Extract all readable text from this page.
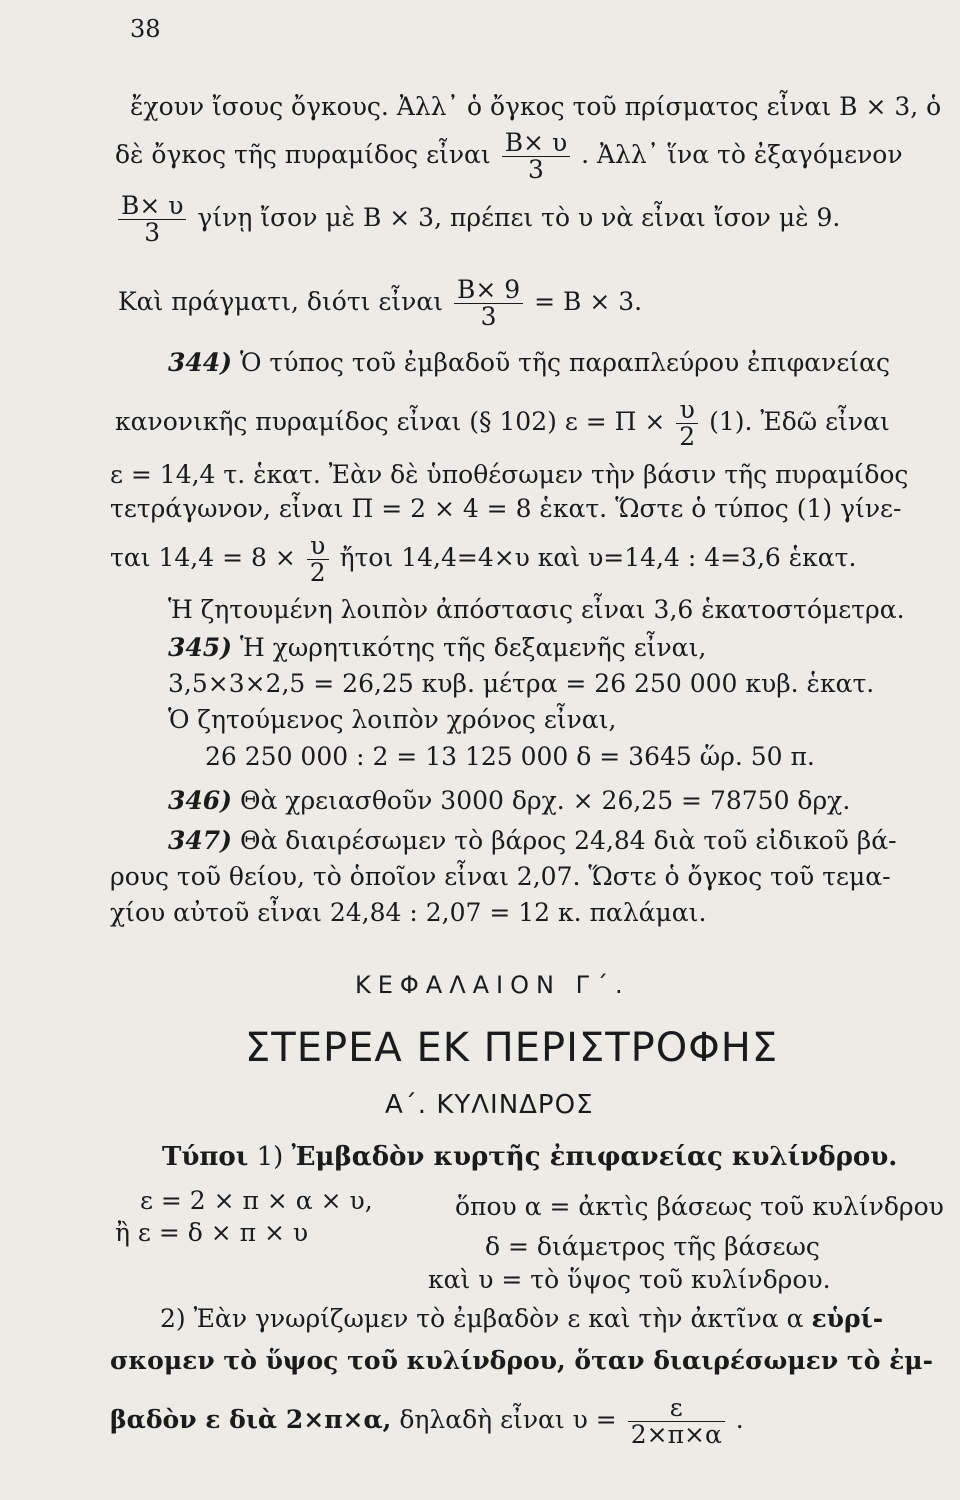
38
ἔχουν ἴσους ὄγκους. Ἀλλ᾽ ὁ ὄγκος τοῦ πρίσματος εἶναι Β × 3, ὁ
δὲ ὄγκος τῆς πυραμίδος εἶναι $\frac{B\times \upsilon}{3}$ . Ἀλλ᾽ ἵνα τὸ ἐξαγόμενον
$\frac{B\times \upsilon}{3}$ γίνῃ ἴσον μὲ Β × 3, πρέπει τὸ υ νὰ εἶναι ἴσον μὲ 9.
Καὶ πράγματι, διότι εἶναι $\frac{B\times 9}{3} = B \times 3$.
344) Ὁ τύπος τοῦ ἐμβαδοῦ τῆς παραπλεύρου ἐπιφανείας
κανονικῆς πυραμίδος εἶναι (§ 102) $\varepsilon = \Pi \times \frac{\upsilon}{2} (1)$. Ἐδῶ εἶναι
ε = 14,4 τ. ἑκατ. Ἐὰν δὲ ὑποθέσωμεν τὴν βάσιν τῆς πυραμίδος
τετράγωνον, εἶναι Π = 2 × 4 = 8 ἑκατ. Ὥστε ὁ τύπος (1) γίνε-
ται $14,4 = 8 \times \frac{\upsilon}{2}$ ἤτοι 14,4=4×υ καὶ υ=14,4 : 4=3,6 ἑκατ.
Ἡ ζητουμένη λοιπὸν ἀπόστασις εἶναι 3,6 ἑκατοστόμετρα.
345) Ἡ χωρητικότης τῆς δεξαμενῆς εἶναι,
3,5×3×2,5 = 26,25 κυβ. μέτρα = 26 250 000 κυβ. ἑκατ.
Ὁ ζητούμενος λοιπὸν χρόνος εἶναι,
26 250 000 : 2 = 13 125 000 δ = 3645 ὥρ. 50 π.
346) Θὰ χρειασθοῦν 3000 δρχ. × 26,25 = 78750 δρχ.
347) Θὰ διαιρέσωμεν τὸ βάρος 24,84 διὰ τοῦ εἰδικοῦ βά-
ρους τοῦ θείου, τὸ ὁποῖον εἶναι 2,07. Ὥστε ὁ ὄγκος τοῦ τεμα-
χίου αὐτοῦ εἶναι 24,84 : 2,07 = 12 κ. παλάμαι.
ΚΕΦΑΛΑΙΟΝ Γ΄.
ΣΤΕΡΕΑ ΕΚ ΠΕΡΙΣΤΡΟΦΗΣ
Α΄. ΚΥΛΙΝΔΡΟΣ
Τύποι 1) Ἐμβαδὸν κυρτῆς ἐπιφανείας κυλίνδρου.
ε = 2 × π × α × υ,	ὅπου α = ἀκτὶς βάσεως τοῦ κυλίνδρου
ἢ ε = δ × π × υ	δ = διάμετρος τῆς βάσεως
καὶ υ = τὸ ὕψος τοῦ κυλίνδρου.
2) Ἐὰν γνωρίζωμεν τὸ ἐμβαδὸν ε καὶ τὴν ἀκτῖνα α εὑρί-
σκομεν τὸ ὕψος τοῦ κυλίνδρου, ὅταν διαιρέσωμεν τὸ ἐμ-
βαδὸν ε διὰ 2×π×α, δηλαδὴ εἶναι $\upsilon = \frac{\varepsilon}{2\times\pi\times\alpha}$ .
